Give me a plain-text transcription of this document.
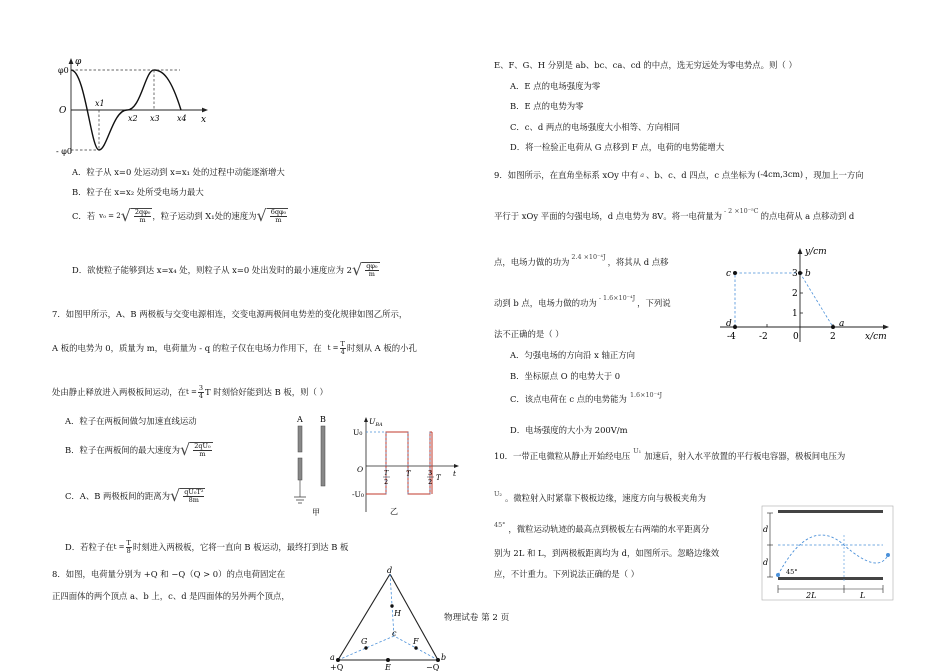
φ
x
O
φ0
- φ0
x1
x2 x3 x4
A．粒子从 x=0 处运动到 x=x₁ 处的过程中动能逐渐增大
B．粒子在 x=x₂ 处所受电场力最大
C．若 v₀ = 2 √ $\frac{\text{2qφ₀}}{m}$ ，粒子运动到 X₁处的速度为 √ $\frac{\text{6qφ₀}}{m}$
D．欲使粒子能够到达 x=x₄ 处，则粒子从 x=0 处出发时的最小速度应为 2 √ $\frac{\text{qφ₀}}{m}$
7．如图甲所示，A、B 两极板与交变电源相连，交变电源两极间电势差的变化规律如图乙所示，
A 板的电势为 0，质量为 m，电荷量为 - q 的粒子仅在电场力作用下，在 $t = \frac{T}{4}$ 时刻从 A 板的小孔
处由静止释放进入两极板间运动，在 $t = \frac{3}{4}$ T 时刻恰好能到达 B 板，则（ ）
A．粒子在两板间做匀加速直线运动
B．粒子在两板间的最大速度为 √ $\frac{\text{2qU₀}}{m}$
C．A、B 两极板间的距离为 √ $\frac{\text{qU₀T²}}{8m}$
D．若粒子在 $t = \frac{T}{8}$ 时刻进入两极板，它将一直向 B 板运动，最终打到达 B 板
A B
甲
$U_{BA}$
U₀
-U₀
O	t
T
2
T	3
2 T
乙
8．如图，电荷量分别为 +Q 和 −Q（Q > 0）的点电荷固定在
正四面体的两个顶点 a、b 上，c、d 是四面体的另外两个顶点，
d
H
c
G	F
a
E
b
+Q	−Q
物理试卷 第 2 页
E、F、G、H 分别是 ab、bc、ca、cd 的中点，选无穷远处为零电势点。则（ ）
A．E 点的电场强度为零
B．E 点的电势为零
C．c、d 两点的电场强度大小相等、方向相同
D．将一检验正电荷从 G 点移到 F 点，电荷的电势能增大
9．如图所示，在直角坐标系 xOy 中有 a 、b、c、d 四点，c 点坐标为 (-4cm,3cm) ，现加上一方向
平行于 xOy 平面的匀强电场，d 点电势为 8V。将一电荷量为 - 2 ×10⁻⁵C 的点电荷从 a 点移动到 d
点，电场力做的功为 2.4 ×10⁻⁴J ，将其从 d 点移
动到 b 点，电场力做的功为 - 1.6×10⁻⁴J ，下列说
法不正确的是（ ）
A．匀强电场的方向沿 x 轴正方向
B．坐标原点 O 的电势大于 0
C．该点电荷在 c 点的电势能为 1.6×10⁻⁴J
D．电场强度的大小为 200V/m
y/cm
x/cm
-4	-2	0	2
1
2
3
c	b
d	a
10．一带正电微粒从静止开始经电压 U₁ 加速后，射入水平放置的平行板电容器，极板间电压为
U₂ 。微粒射入时紧靠下极板边缘，速度方向与极板夹角为
45° ，微粒运动轨迹的最高点到极板左右两端的水平距离分
别为 2L 和 L，到两极板距离均为 d，如图所示。忽略边缘效
应，不计重力。下列说法正确的是（ ）
d
d
45°
2L	L
